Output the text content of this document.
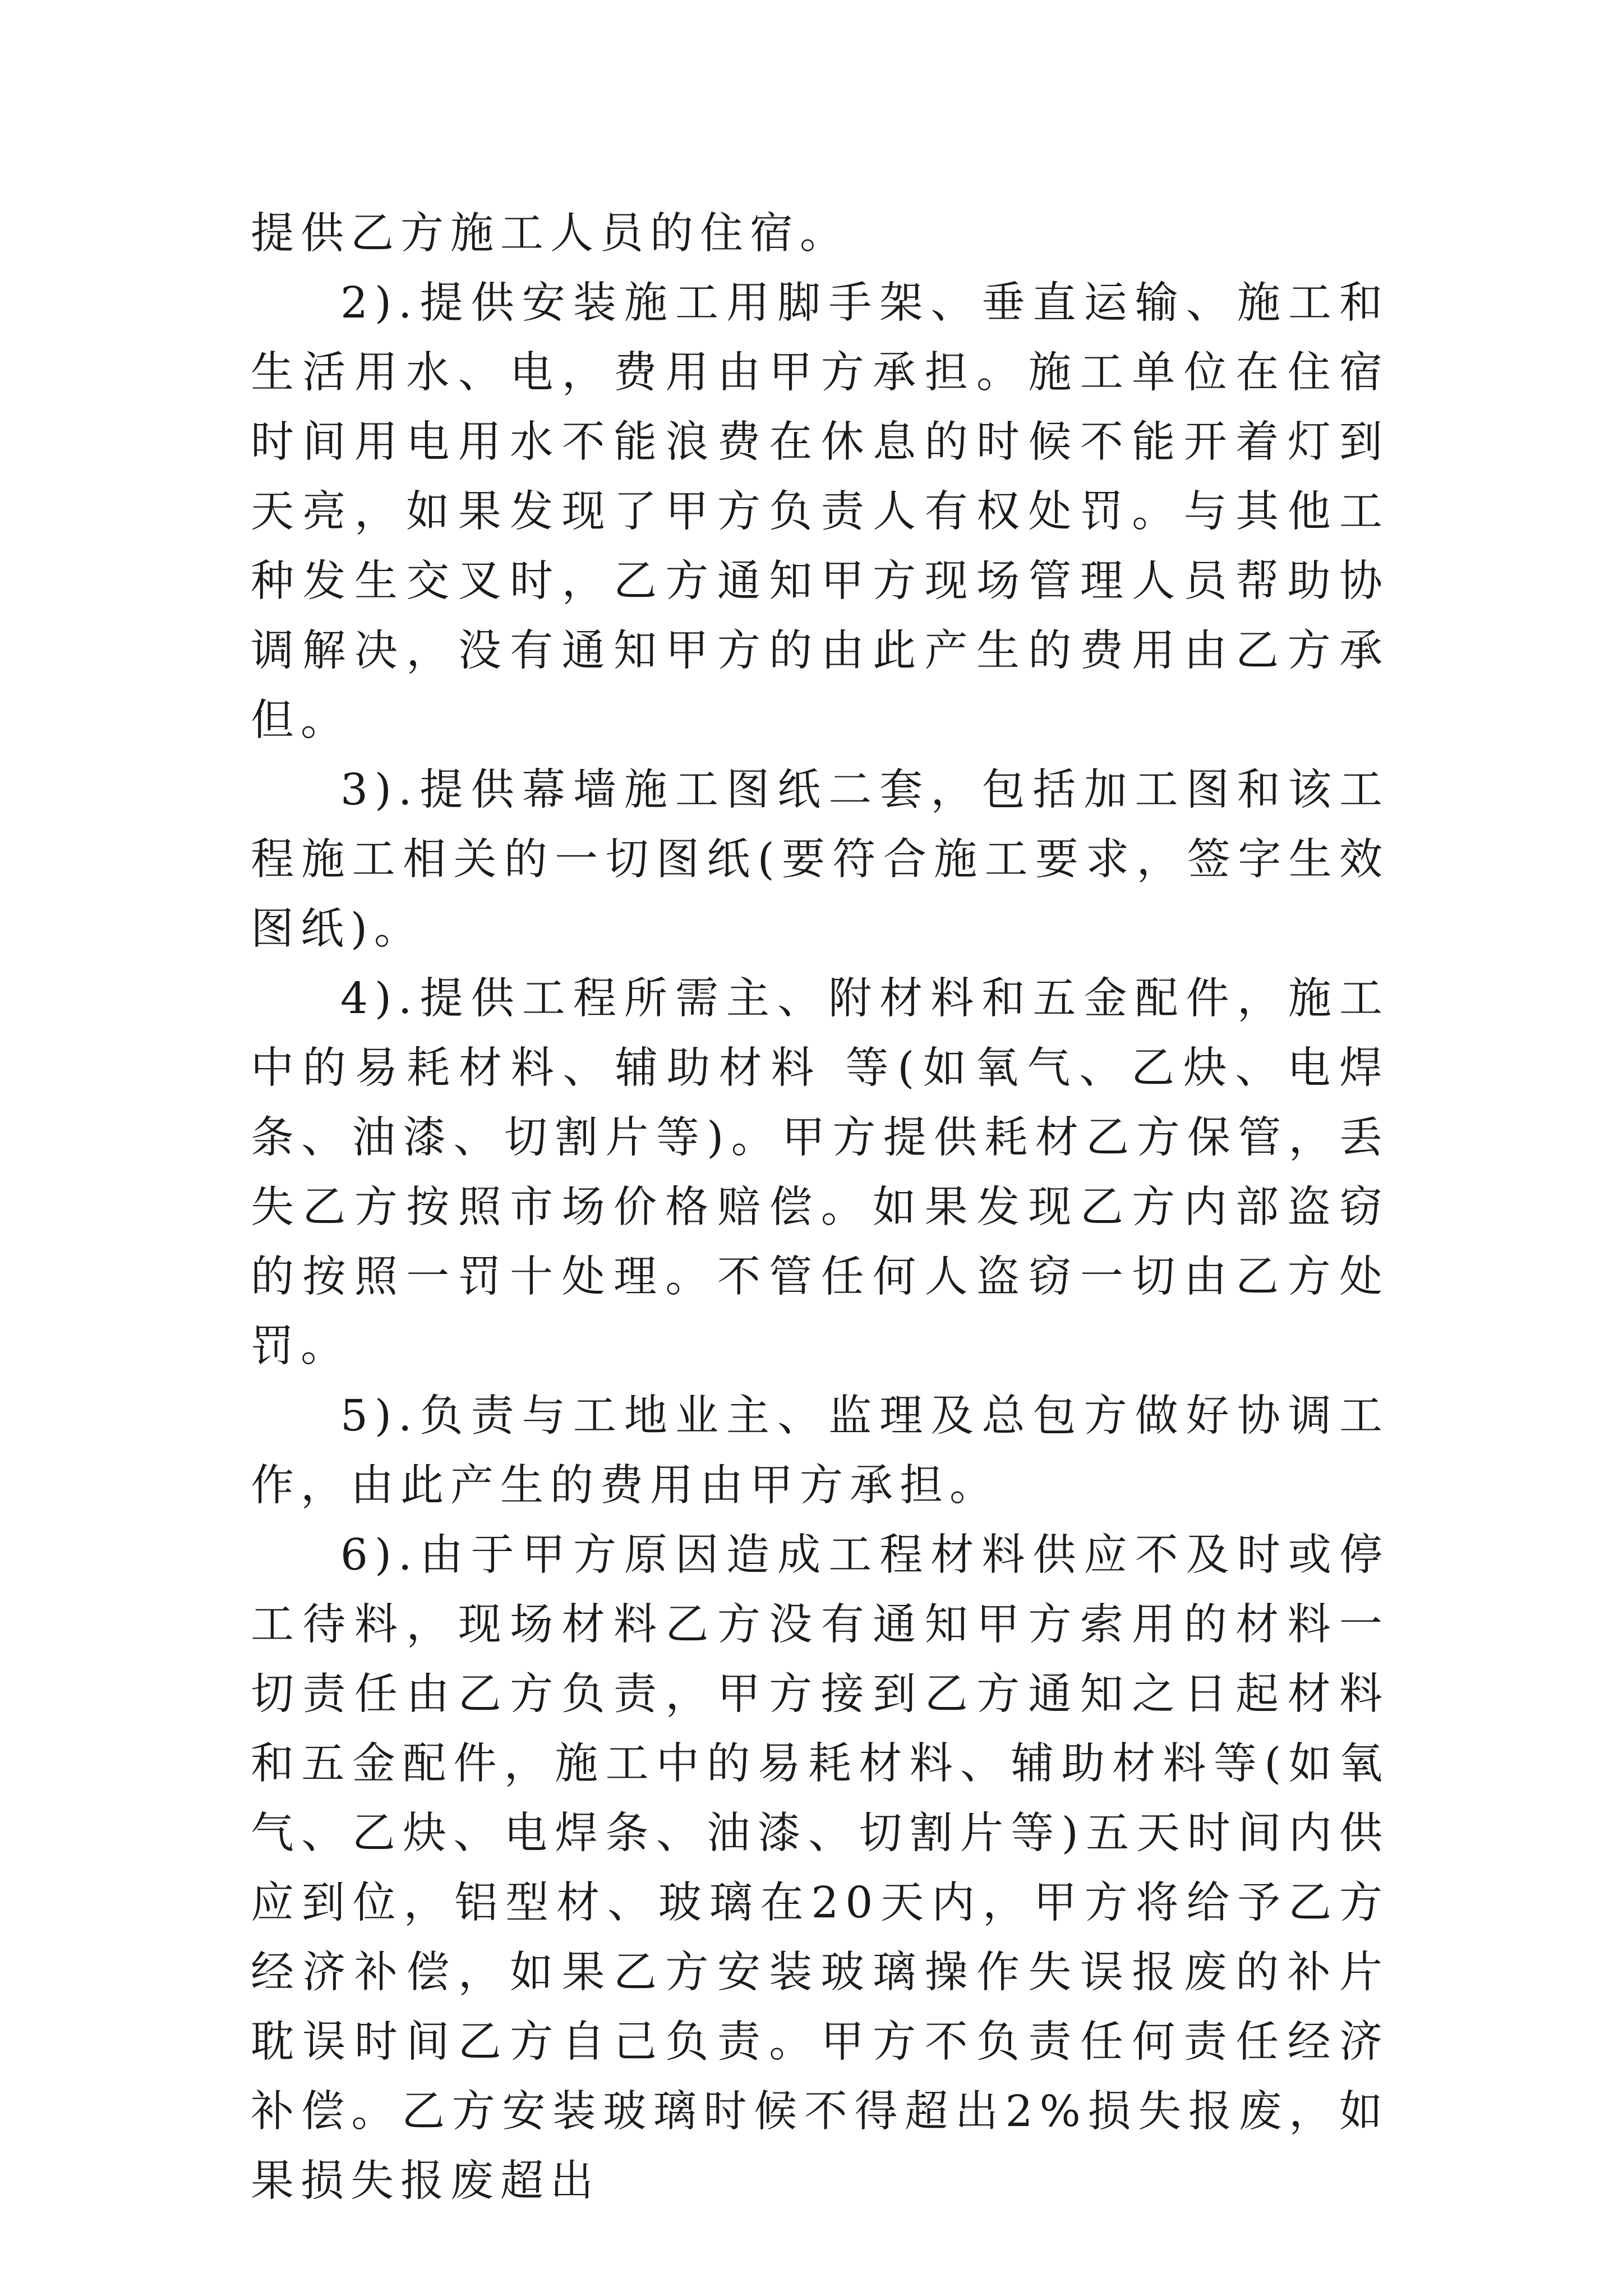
提供乙方施工人员的住宿。

2).提供安装施工用脚手架、垂直运输、施工和生活用水、电，费用由甲方承担。施工单位在住宿时间用电用水不能浪费在休息的时候不能开着灯到天亮，如果发现了甲方负责人有权处罚。与其他工种发生交叉时，乙方通知甲方现场管理人员帮助协调解决，没有通知甲方的由此产生的费用由乙方承但。

3).提供幕墙施工图纸二套，包括加工图和该工程施工相关的一切图纸(要符合施工要求，签字生效图纸)。

4).提供工程所需主、附材料和五金配件，施工中的易耗材料、辅助材料 等(如氧气、乙炔、电焊条、油漆、切割片等)。甲方提供耗材乙方保管，丢失乙方按照市场价格赔偿。如果发现乙方内部盗窃的按照一罚十处理。不管任何人盗窃一切由乙方处罚。

5).负责与工地业主、监理及总包方做好协调工作，由此产生的费用由甲方承担。

6).由于甲方原因造成工程材料供应不及时或停工待料，现场材料乙方没有通知甲方索用的材料一切责任由乙方负责，甲方接到乙方通知之日起材料和五金配件，施工中的易耗材料、辅助材料等(如氧气、乙炔、电焊条、油漆、切割片等)五天时间内供应到位，铝型材、玻璃在20天内，甲方将给予乙方经济补偿，如果乙方安装玻璃操作失误报废的补片耽误时间乙方自己负责。甲方不负责任何责任经济补偿。乙方安装玻璃时候不得超出2%损失报废，如果损失报废超出
